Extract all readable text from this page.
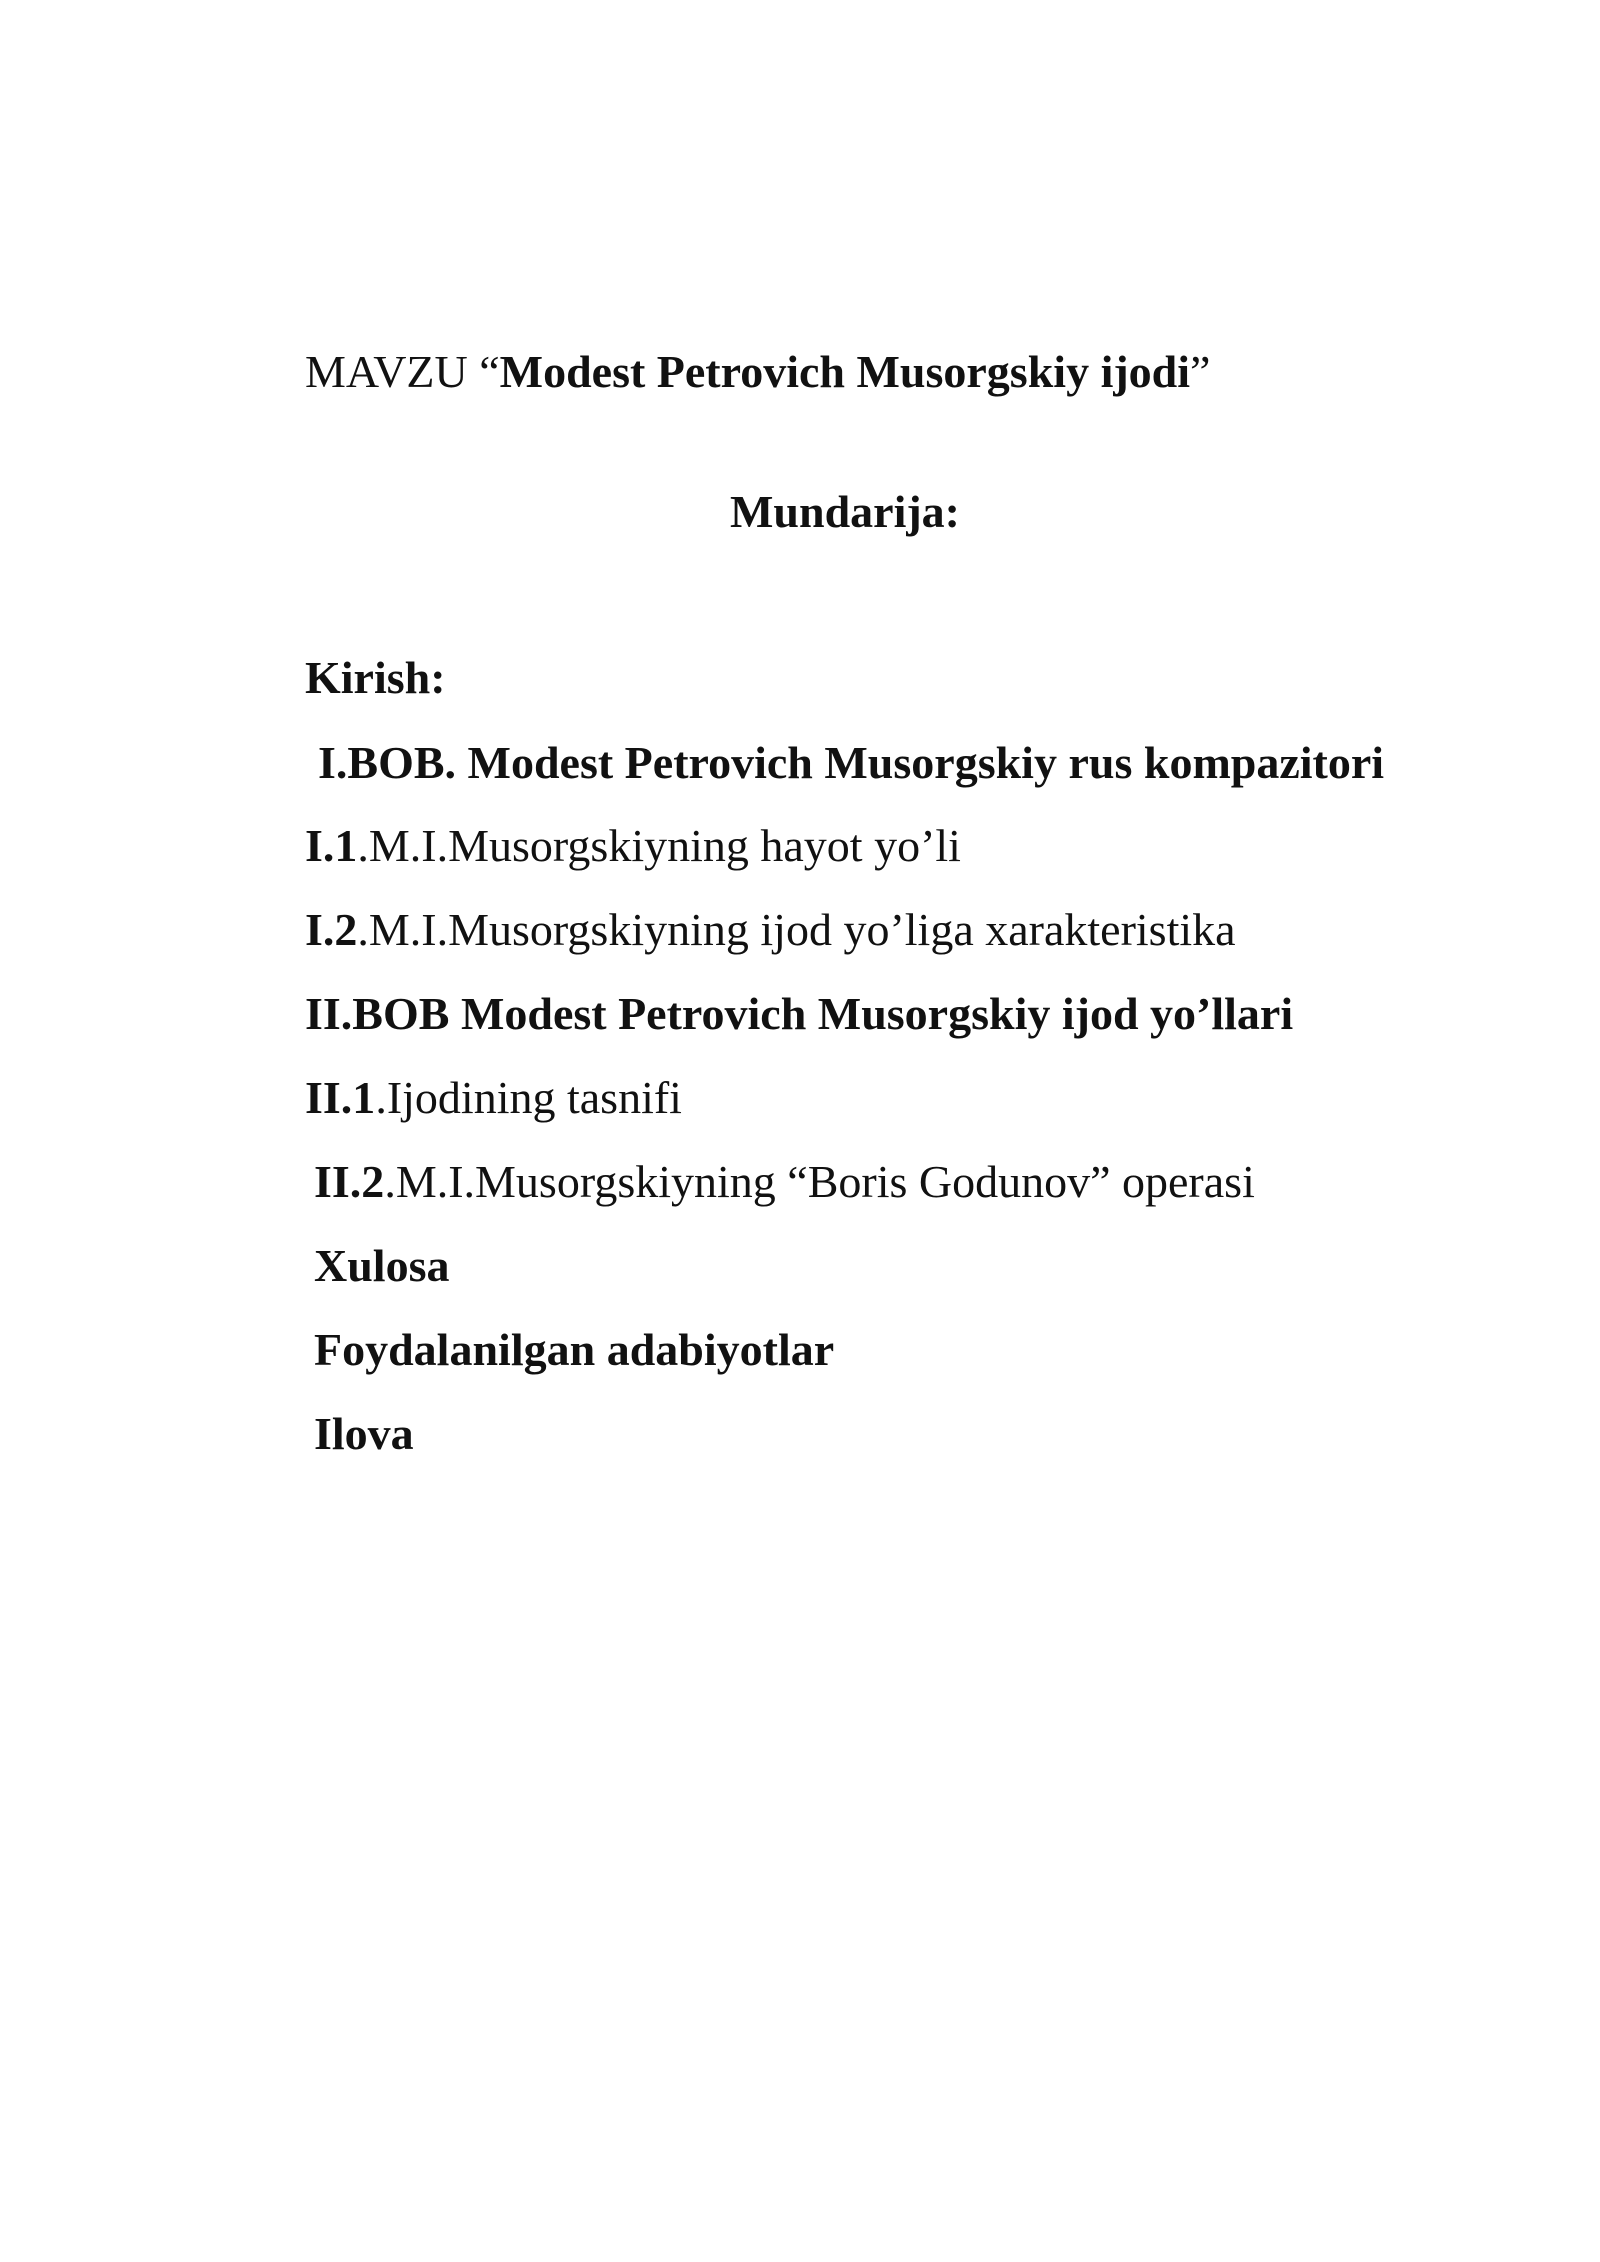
MAVZU “Modest Petrovich Musorgskiy ijodi”

Mundarija:

Kirish:

I.BOB. Modest Petrovich Musorgskiy rus kompazitori

I.1.M.I.Musorgskiyning hayot yo’li

I.2.M.I.Musorgskiyning ijod yo’liga xarakteristika

II.BOB Modest Petrovich Musorgskiy ijod yo’llari

II.1.Ijodining tasnifi

II.2.M.I.Musorgskiyning “Boris Godunov” operasi

Xulosa

Foydalanilgan adabiyotlar

Ilova
